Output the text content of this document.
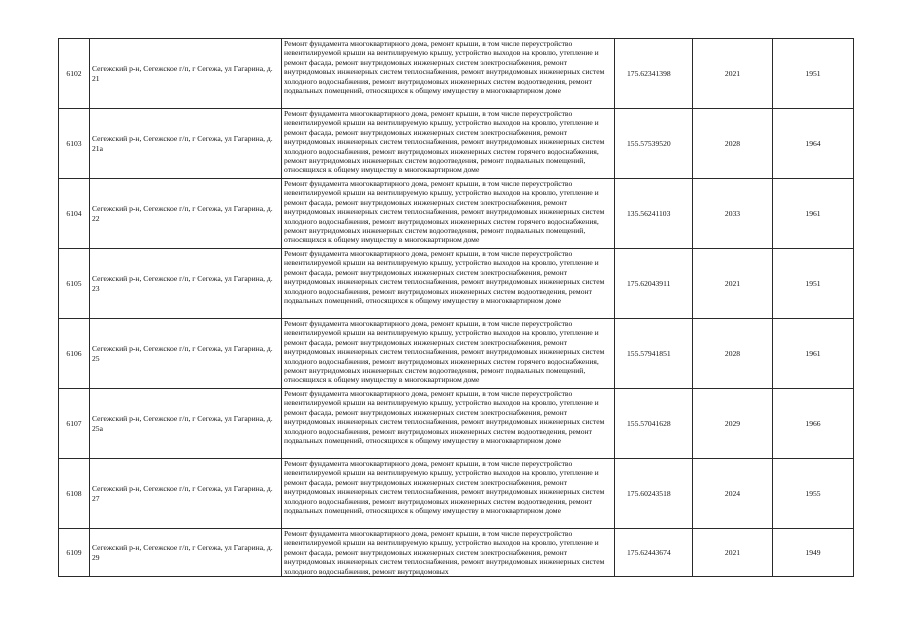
6102	Сегежский р-н, Сегежское г/п, г Сегежа, ул Гагарина, д. 21	Ремонт фундамента многоквартирного дома, ремонт крыши, в том числе переустройство невентилируемой крыши на вентилируемую крышу, устройство выходов на кровлю, утепление и ремонт фасада, ремонт внутридомовых инженерных систем электроснабжения, ремонт внутридомовых инженерных систем теплоснабжения, ремонт внутридомовых инженерных систем холодного водоснабжения, ремонт внутридомовых инженерных систем водоотведения, ремонт подвальных помещений, относящихся к общему имуществу в многоквартирном доме	175.62341398	2021	1951
6103	Сегежский р-н, Сегежское г/п, г Сегежа, ул Гагарина, д. 21а	Ремонт фундамента многоквартирного дома, ремонт крыши, в том числе переустройство невентилируемой крыши на вентилируемую крышу, устройство выходов на кровлю, утепление и ремонт фасада, ремонт внутридомовых инженерных систем электроснабжения, ремонт внутридомовых инженерных систем теплоснабжения, ремонт внутридомовых инженерных систем холодного водоснабжения, ремонт внутридомовых инженерных систем горячего водоснабжения, ремонт внутридомовых инженерных систем водоотведения, ремонт подвальных помещений, относящихся к общему имуществу в многоквартирном доме	155.57539520	2028	1964
6104	Сегежский р-н, Сегежское г/п, г Сегежа, ул Гагарина, д. 22	Ремонт фундамента многоквартирного дома, ремонт крыши, в том числе переустройство невентилируемой крыши на вентилируемую крышу, устройство выходов на кровлю, утепление и ремонт фасада, ремонт внутридомовых инженерных систем электроснабжения, ремонт внутридомовых инженерных систем теплоснабжения, ремонт внутридомовых инженерных систем холодного водоснабжения, ремонт внутридомовых инженерных систем горячего водоснабжения, ремонт внутридомовых инженерных систем водоотведения, ремонт подвальных помещений, относящихся к общему имуществу в многоквартирном доме	135.56241103	2033	1961
6105	Сегежский р-н, Сегежское г/п, г Сегежа, ул Гагарина, д. 23	Ремонт фундамента многоквартирного дома, ремонт крыши, в том числе переустройство невентилируемой крыши на вентилируемую крышу, устройство выходов на кровлю, утепление и ремонт фасада, ремонт внутридомовых инженерных систем электроснабжения, ремонт внутридомовых инженерных систем теплоснабжения, ремонт внутридомовых инженерных систем холодного водоснабжения, ремонт внутридомовых инженерных систем водоотведения, ремонт подвальных помещений, относящихся к общему имуществу в многоквартирном доме	175.62043911	2021	1951
6106	Сегежский р-н, Сегежское г/п, г Сегежа, ул Гагарина, д. 25	Ремонт фундамента многоквартирного дома, ремонт крыши, в том числе переустройство невентилируемой крыши на вентилируемую крышу, устройство выходов на кровлю, утепление и ремонт фасада, ремонт внутридомовых инженерных систем электроснабжения, ремонт внутридомовых инженерных систем теплоснабжения, ремонт внутридомовых инженерных систем холодного водоснабжения, ремонт внутридомовых инженерных систем горячего водоснабжения, ремонт внутридомовых инженерных систем водоотведения, ремонт подвальных помещений, относящихся к общему имуществу в многоквартирном доме	155.57941851	2028	1961
6107	Сегежский р-н, Сегежское г/п, г Сегежа, ул Гагарина, д. 25а	Ремонт фундамента многоквартирного дома, ремонт крыши, в том числе переустройство невентилируемой крыши на вентилируемую крышу, устройство выходов на кровлю, утепление и ремонт фасада, ремонт внутридомовых инженерных систем электроснабжения, ремонт внутридомовых инженерных систем теплоснабжения, ремонт внутридомовых инженерных систем холодного водоснабжения, ремонт внутридомовых инженерных систем водоотведения, ремонт подвальных помещений, относящихся к общему имуществу в многоквартирном доме	155.57041628	2029	1966
6108	Сегежский р-н, Сегежское г/п, г Сегежа, ул Гагарина, д. 27	Ремонт фундамента многоквартирного дома, ремонт крыши, в том числе переустройство невентилируемой крыши на вентилируемую крышу, устройство выходов на кровлю, утепление и ремонт фасада, ремонт внутридомовых инженерных систем электроснабжения, ремонт внутридомовых инженерных систем теплоснабжения, ремонт внутридомовых инженерных систем холодного водоснабжения, ремонт внутридомовых инженерных систем водоотведения, ремонт подвальных помещений, относящихся к общему имуществу в многоквартирном доме	175.60243518	2024	1955
6109	Сегежский р-н, Сегежское г/п, г Сегежа, ул Гагарина, д. 29	Ремонт фундамента многоквартирного дома, ремонт крыши, в том числе переустройство невентилируемой крыши на вентилируемую крышу, устройство выходов на кровлю, утепление и ремонт фасада, ремонт внутридомовых инженерных систем электроснабжения, ремонт внутридомовых инженерных систем теплоснабжения, ремонт внутридомовых инженерных систем холодного водоснабжения, ремонт внутридомовых	175.62443674	2021	1949
